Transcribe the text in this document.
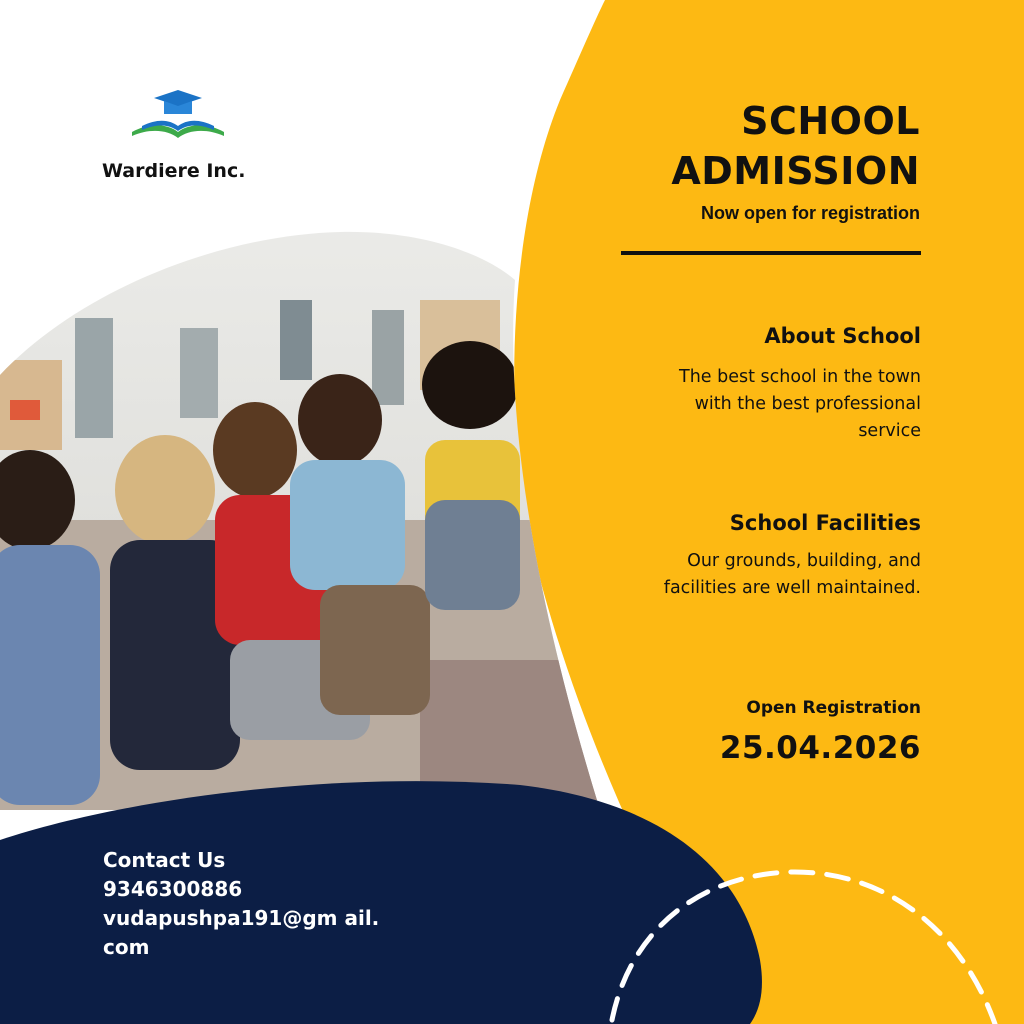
Wardiere Inc.

SCHOOL
ADMISSION

Now open for registration

About School

The best school in the town with the best professional service

School Facilities

Our grounds, building, and facilities are well maintained.

Open Registration

25.04.2026

Contact Us

9346300886

vudapushpa191@gm ail. com
